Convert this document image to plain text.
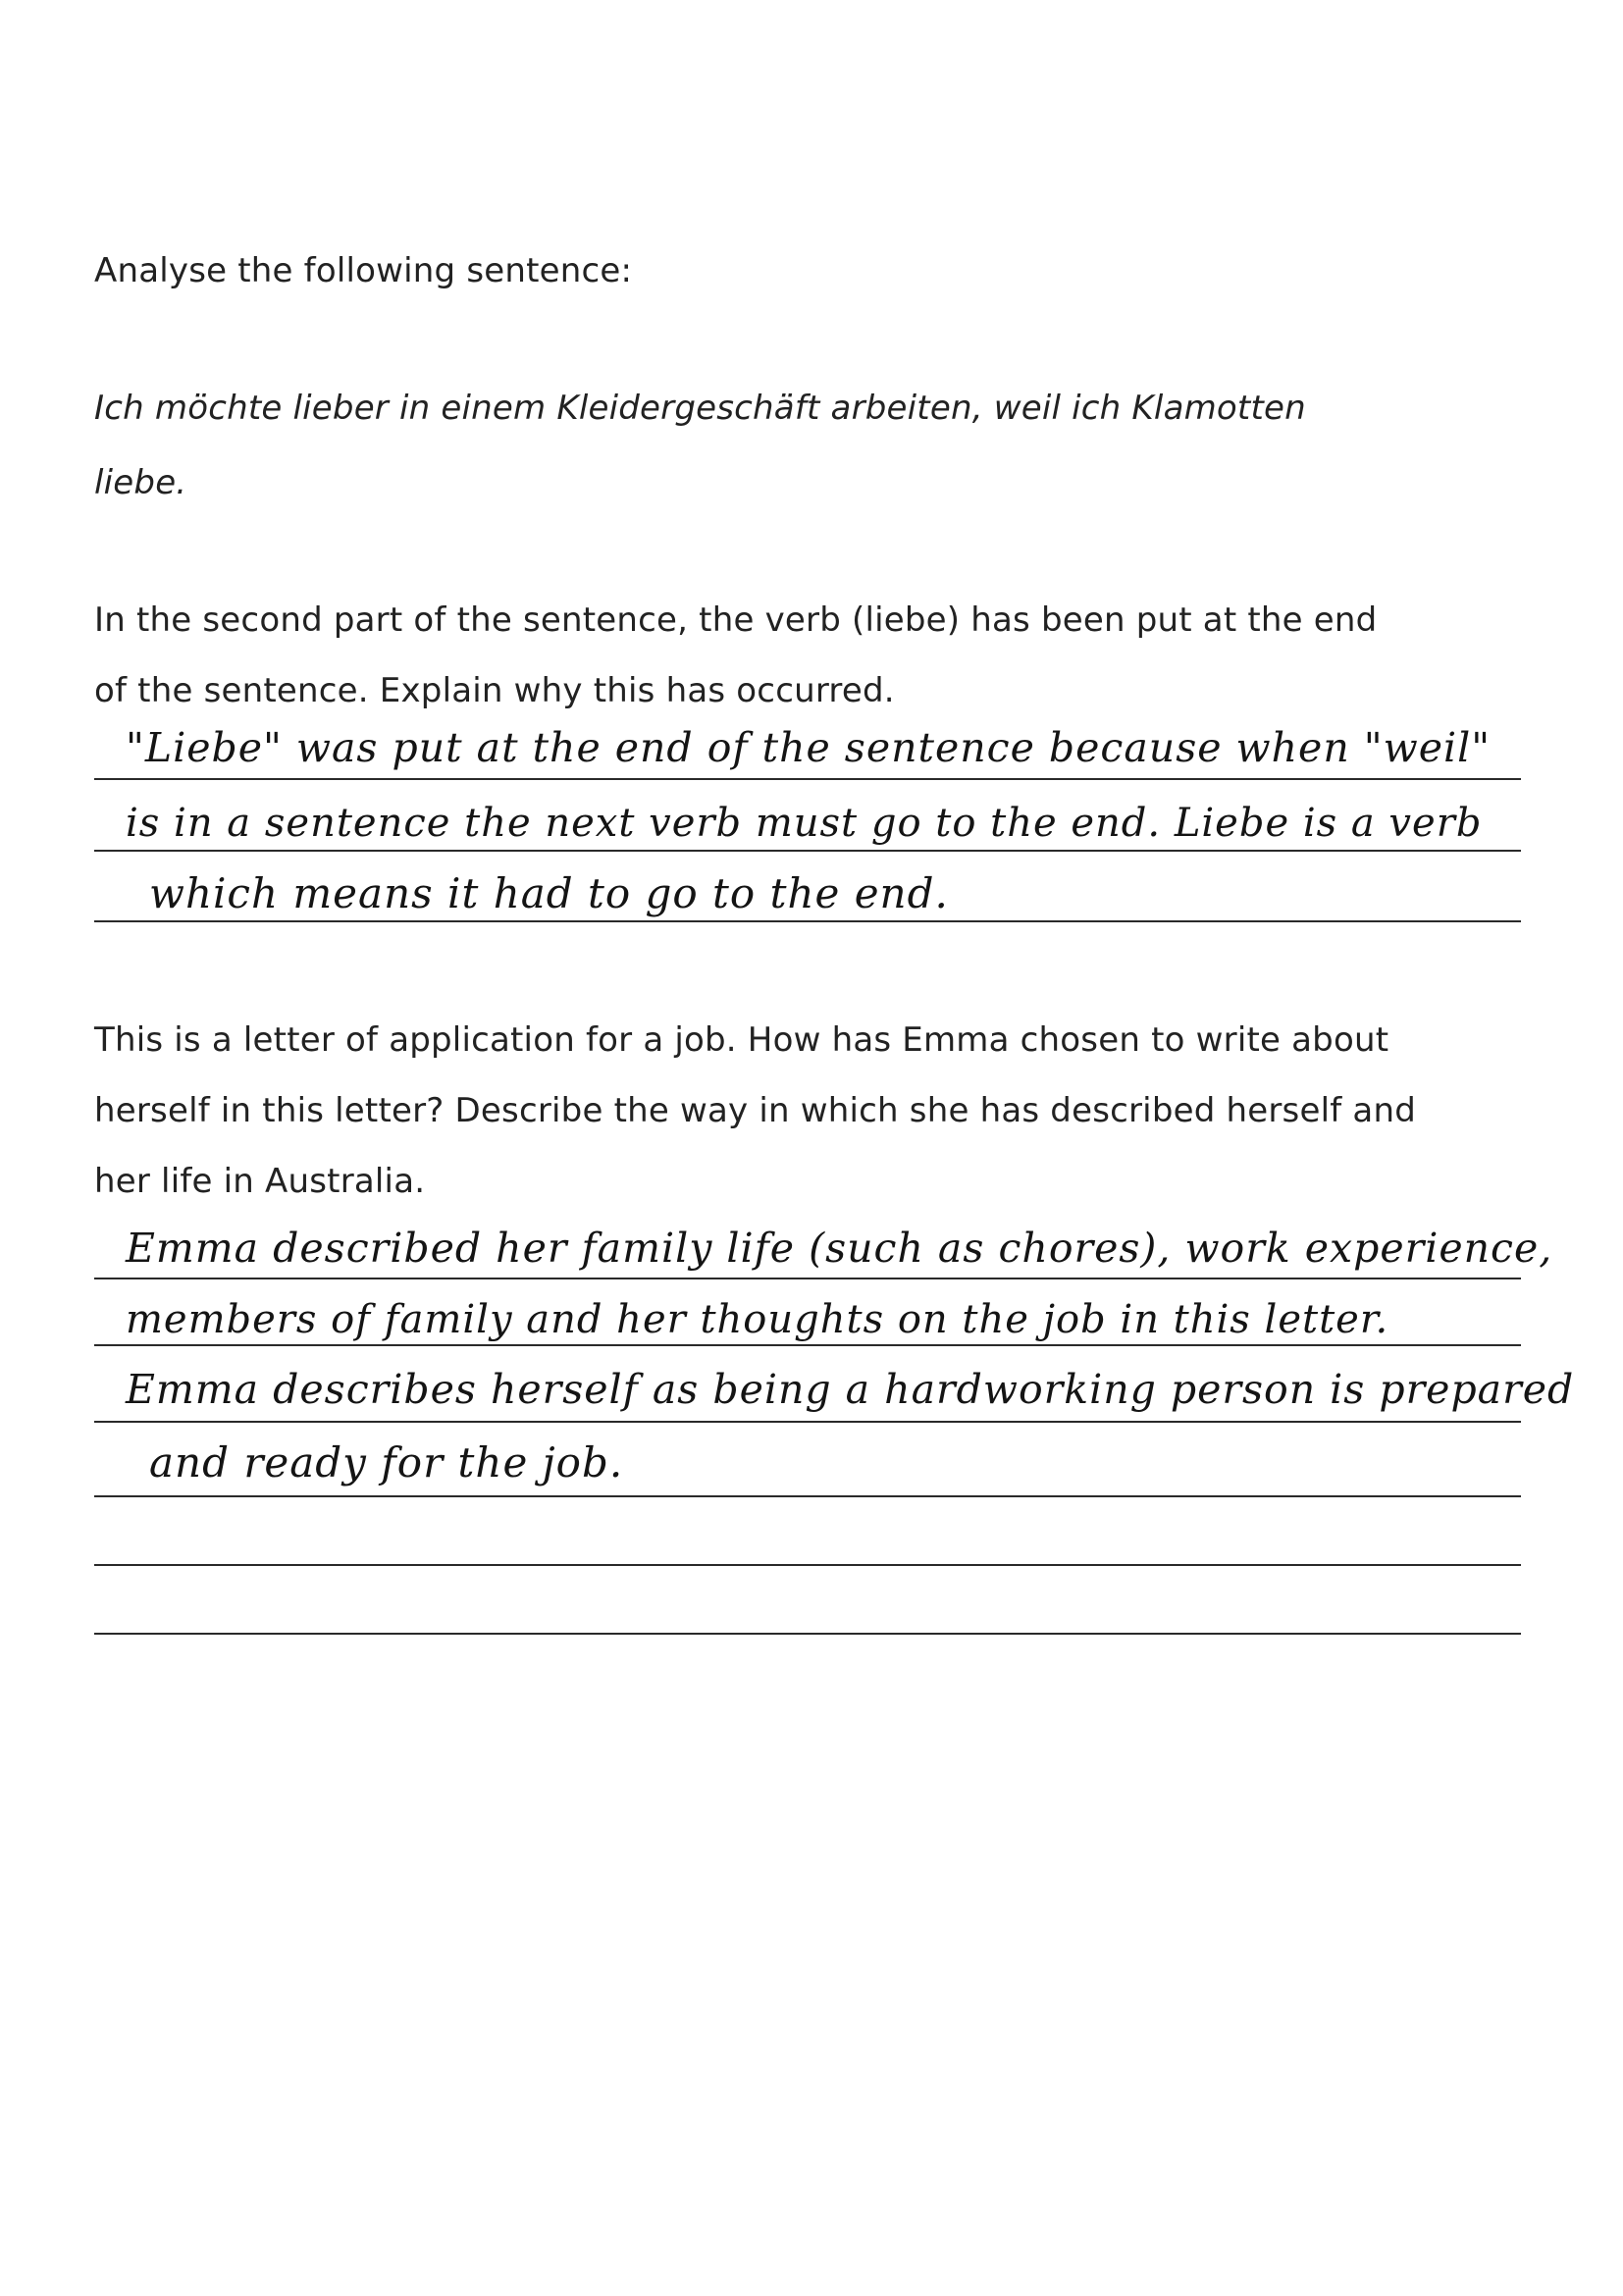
Analyse the following sentence:
Ich möchte lieber in einem Kleidergeschäft arbeiten, weil ich Klamotten
liebe.
In the second part of the sentence, the verb (liebe) has been put at the end
of the sentence. Explain why this has occurred.
"Liebe" was put at the end of the sentence because when "weil"
is in a sentence the next verb must go to the end. Liebe is a verb
which means it had to go to the end.
This is a letter of application for a job. How has Emma chosen to write about
herself in this letter? Describe the way in which she has described herself and
her life in Australia.
Emma described her family life (such as chores), work experience,
members of family and her thoughts on the job in this letter.
Emma describes herself as being a hardworking person is prepared
and ready for the job.
